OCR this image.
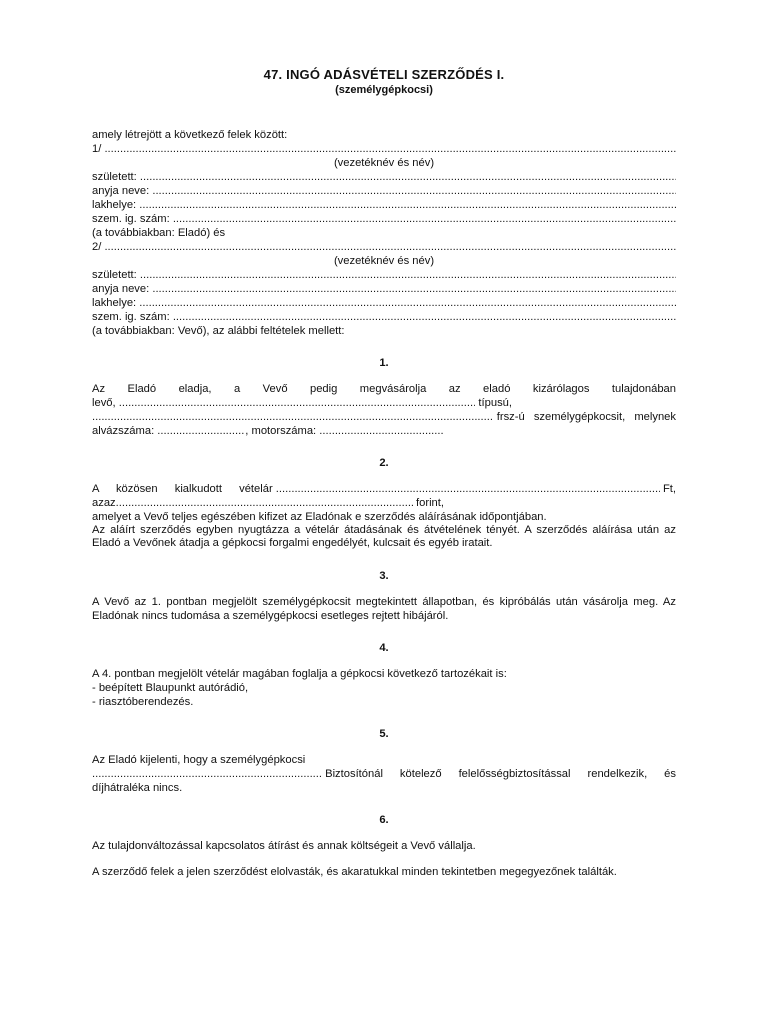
47. INGÓ ADÁSVÉTELI SZERZŐDÉS I.
(személygépkocsi)

amely létrejött a következő felek között:

1/

.....

(vezetéknév és név)

született:

.....
anyja neve:

.....
lakhelye:

.....
szem. ig. szám:

.....

(a továbbiakban: Eladó) és

2/

.....

(vezetéknév és név)

született:

.....
anyja neve:

.....
lakhelye:

.....
szem. ig. szám:

.....

(a továbbiakban: Vevő), az alábbi feltételek mellett:

1.

Az Eladó eladja, a Vevő pedig megvásárolja az eladó kizárólagos tulajdonában

levő,
.....
	típusú,
.....

frsz-ú személygépkocsit, melynek
alvázszáma:
.....	, motorszáma:

.....

2.

A közösen kialkudott vételár
.....
	Ft,
azaz .....
	forint,

amelyet a Vevő teljes egészében kifizet az Eladónak e szerződés aláírásának időpontjában.

Az aláírt szerződés egyben nyugtázza a vételár átadásának és átvételének tényét. A szerződés aláírása után az Eladó a Vevőnek átadja a gépkocsi forgalmi engedélyét, kulcsait és egyéb iratait.

3.

A Vevő az 1. pontban megjelölt személygépkocsit megtekintett állapotban, és kipróbálás után vásárolja meg. Az Eladónak nincs tudomása a személygépkocsi esetleges rejtett hibájáról.

4.

A 4. pontban megjelölt vételár magában foglalja a gépkocsi következő tartozékait is:

- beépített Blaupunkt autórádió,

- riasztóberendezés.

5.

Az Eladó kijelenti, hogy a személygépkocsi

.....

Biztosítónál kötelező felelősségbiztosítással rendelkezik, és

díjhátraléka nincs.

6.

Az tulajdonváltozással kapcsolatos átírást és annak költségeit a Vevő vállalja.

A szerződő felek a jelen szerződést elolvasták, és akaratukkal minden tekintetben megegyezőnek találták.
